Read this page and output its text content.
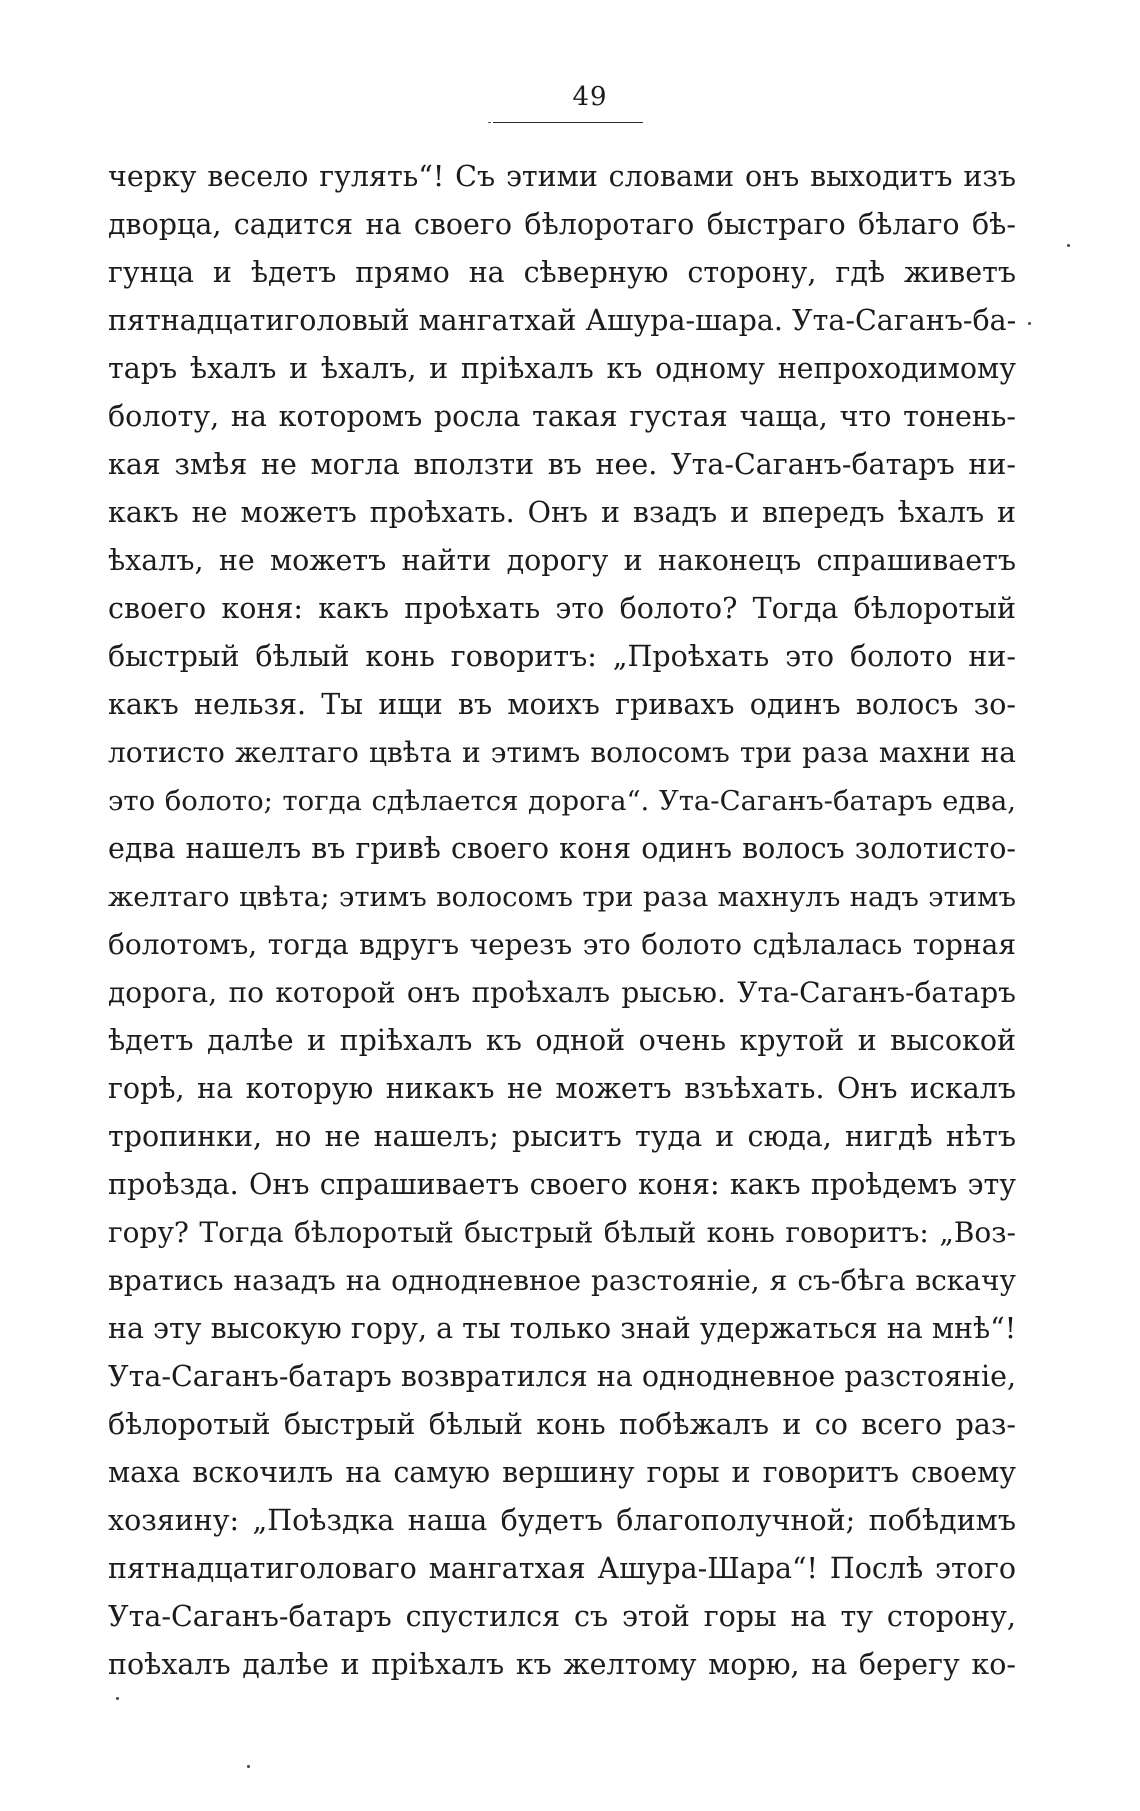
49
черку весело гулять“! Съ этими словами онъ выходитъ изъ
дворца, садится на своего бѣлоротаго быстраго бѣлаго бѣ-
гунца и ѣдетъ прямо на сѣверную сторону, гдѣ живетъ
пятнадцатиголовый мангатхай Ашура-шара. Ута-Саганъ-ба-
таръ ѣхалъ и ѣхалъ, и пріѣхалъ къ одному непроходимому
болоту, на которомъ росла такая густая чаща, что тонень-
кая змѣя не могла вползти въ нее. Ута-Саганъ-батаръ ни-
какъ не можетъ проѣхать. Онъ и взадъ и впередъ ѣхалъ и
ѣхалъ, не можетъ найти дорогу и наконецъ спрашиваетъ
своего коня: какъ проѣхать это болото? Тогда бѣлоротый
быстрый бѣлый конь говоритъ: „Проѣхать это болото ни-
какъ нельзя. Ты ищи въ моихъ гривахъ одинъ волосъ зо-
лотисто желтаго цвѣта и этимъ волосомъ три раза махни на
это болото; тогда сдѣлается дорога“. Ута-Саганъ-батаръ едва,
едва нашелъ въ гривѣ своего коня одинъ волосъ золотисто-
желтаго цвѣта; этимъ волосомъ три раза махнулъ надъ этимъ
болотомъ, тогда вдругъ черезъ это болото сдѣлалась торная
дорога, по которой онъ проѣхалъ рысью. Ута-Саганъ-батаръ
ѣдетъ далѣе и пріѣхалъ къ одной очень крутой и высокой
горѣ, на которую никакъ не можетъ взъѣхать. Онъ искалъ
тропинки, но не нашелъ; рыситъ туда и сюда, нигдѣ нѣтъ
проѣзда. Онъ спрашиваетъ своего коня: какъ проѣдемъ эту
гору? Тогда бѣлоротый быстрый бѣлый конь говоритъ: „Воз-
вратись назадъ на однодневное разстояніе, я съ-бѣга вскачу
на эту высокую гору, а ты только знай удержаться на мнѣ“!
Ута-Саганъ-батаръ возвратился на однодневное разстояніе,
бѣлоротый быстрый бѣлый конь побѣжалъ и со всего раз-
маха вскочилъ на самую вершину горы и говоритъ своему
хозяину: „Поѣздка наша будетъ благополучной; побѣдимъ
пятнадцатиголоваго мангатхая Ашура-Шара“! Послѣ этого
Ута-Саганъ-батаръ спустился съ этой горы на ту сторону,
поѣхалъ далѣе и пріѣхалъ къ желтому морю, на берегу ко-
